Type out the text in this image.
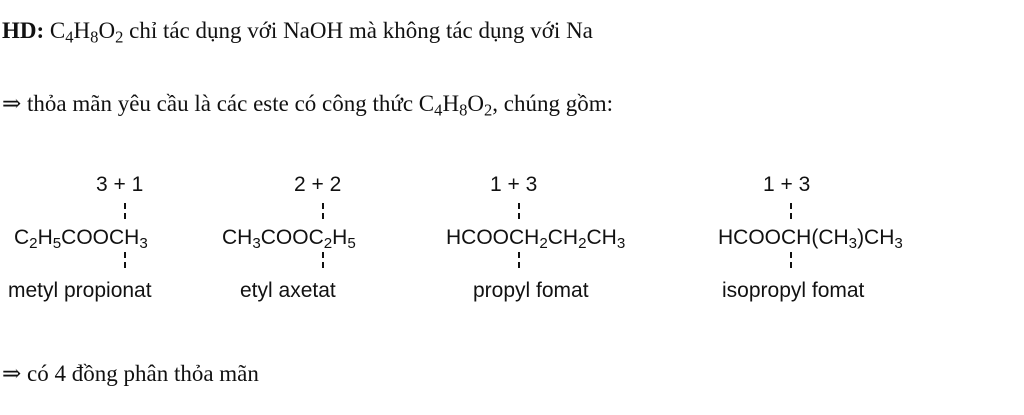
HD: $C_4H_8O_2$ chỉ tác dụng với NaOH mà không tác dụng với Na
⇒ thỏa mãn yêu cầu là các este có công thức $C_4H_8O_2$, chúng gồm:
3 + 1
$C_2H_5COOCH_3$
metyl propionat
2 + 2
$CH_3COOC_2H_5$
etyl axetat
1 + 3
$HCOOCH_2CH_2CH_3$
propyl fomat
1 + 3
$HCOOCH(CH_3)CH_3$
isopropyl fomat
⇒ có 4 đồng phân thỏa mãn
